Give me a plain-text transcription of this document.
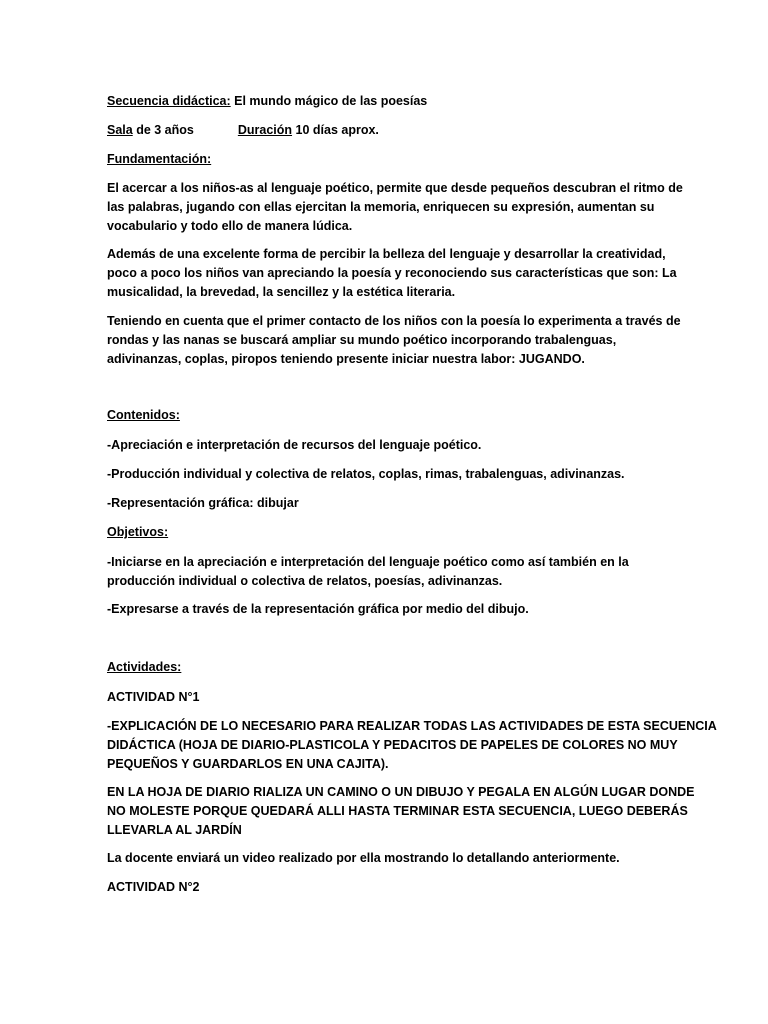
Secuencia didáctica: El mundo mágico de las poesías
Sala de 3 años	Duración 10 días aprox.
Fundamentación:

El acercar a los niños-as al lenguaje poético, permite que desde pequeños descubran el ritmo de

las palabras, jugando con ellas ejercitan la memoria, enriquecen su expresión, aumentan su

vocabulario y todo ello de manera lúdica.

Además de una excelente forma de percibir la belleza del lenguaje y desarrollar la creatividad,

poco a poco los niños van apreciando la poesía y reconociendo sus características que son: La

musicalidad, la brevedad, la sencillez y la estética literaria.

Teniendo en cuenta que el primer contacto de los niños con la poesía lo experimenta a través de

rondas y las nanas se buscará ampliar su mundo poético incorporando trabalenguas,

adivinanzas, coplas, piropos teniendo presente iniciar nuestra labor: JUGANDO.

Contenidos:
-Apreciación e interpretación de recursos del lenguaje poético.
-Producción individual y colectiva de relatos, coplas, rimas, trabalenguas, adivinanzas.
-Representación gráfica: dibujar
Objetivos:

-Iniciarse en la apreciación e interpretación del lenguaje poético como así también en la

producción individual o colectiva de relatos, poesías, adivinanzas.

-Expresarse a través de la representación gráfica por medio del dibujo.
Actividades:
ACTIVIDAD N°1

-EXPLICACIÓN DE LO NECESARIO PARA REALIZAR TODAS LAS ACTIVIDADES DE ESTA SECUENCIA

DIDÁCTICA (HOJA DE DIARIO-PLASTICOLA Y PEDACITOS DE PAPELES DE COLORES NO MUY

PEQUEÑOS Y GUARDARLOS EN UNA CAJITA).

EN LA HOJA DE DIARIO RIALIZA UN CAMINO O UN DIBUJO Y PEGALA EN ALGÚN LUGAR DONDE

NO MOLESTE PORQUE QUEDARÁ ALLI HASTA TERMINAR ESTA SECUENCIA, LUEGO DEBERÁS

LLEVARLA AL JARDÍN

La docente enviará un video realizado por ella mostrando lo detallando anteriormente.
ACTIVIDAD N°2
